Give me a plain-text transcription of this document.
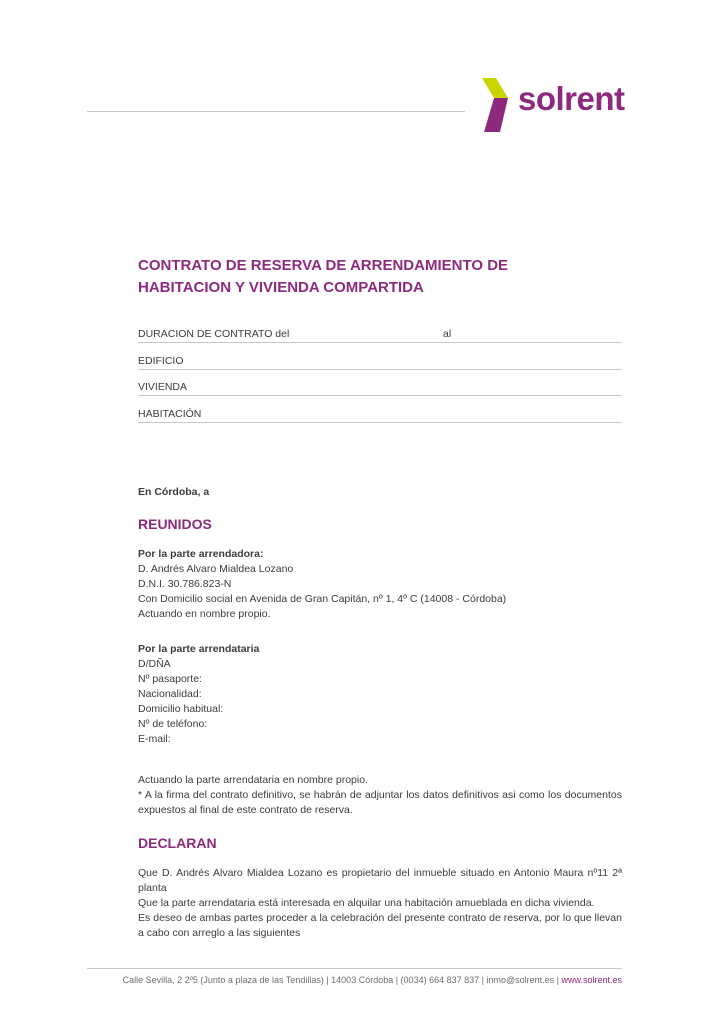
solrent
CONTRATO DE RESERVA DE ARRENDAMIENTO DE
HABITACION Y VIVIENDA COMPARTIDA
DURACION DE CONTRATO del	al
EDIFICIO
VIVIENDA
HABITACIÓN
En Córdoba, a
REUNIDOS
Por la parte arrendadora:
D. Andrés Alvaro Mialdea Lozano
D.N.I. 30.786.823-N
Con Domicilio social en Avenida de Gran Capitán, nº 1, 4º C (14008 - Córdoba)
Actuando en nombre propio.
Por la parte arrendataria
D/DÑA
Nº pasaporte:
Nacionalidad:
Domicilio habitual:
Nº de teléfono:
E-mail:
Actuando la parte arrendataria en nombre propio.
* A la firma del contrato definitivo, se habrán de adjuntar los datos definitivos asi como los documentos expuestos al final de este contrato de reserva.
DECLARAN
Que D. Andrés Alvaro Mialdea Lozano es propietario del inmueble situado en Antonio Maura nº11 2ª planta
Que la parte arrendataria está interesada en alquilar una habitación amueblada en dicha vivienda.
Es deseo de ambas partes proceder a la celebración del presente contrato de reserva, por lo que llevan a cabo con arreglo a las siguientes
Calle Sevilla, 2 2º5 (Junto a plaza de las Tendillas) | 14003 Córdoba | (0034) 664 837 837 | inmo@solrent.es | www.solrent.es
